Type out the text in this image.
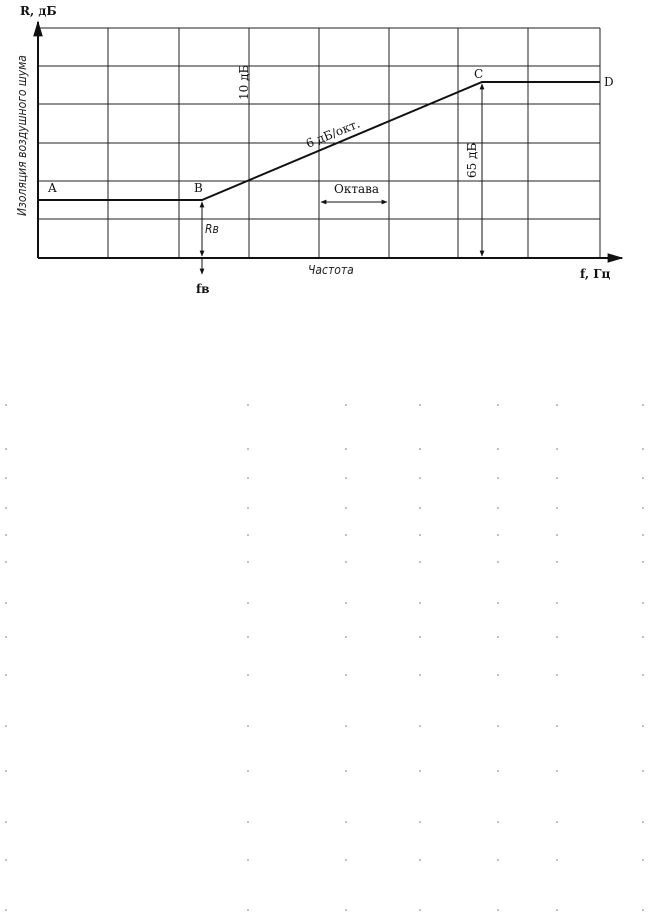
A	B
C
D
6 дБ/окт.
10 дБ
Октава
65 дБ
Rв
fв
R, дБ
Изоляция воздушного шума
Частота	f, Гц
